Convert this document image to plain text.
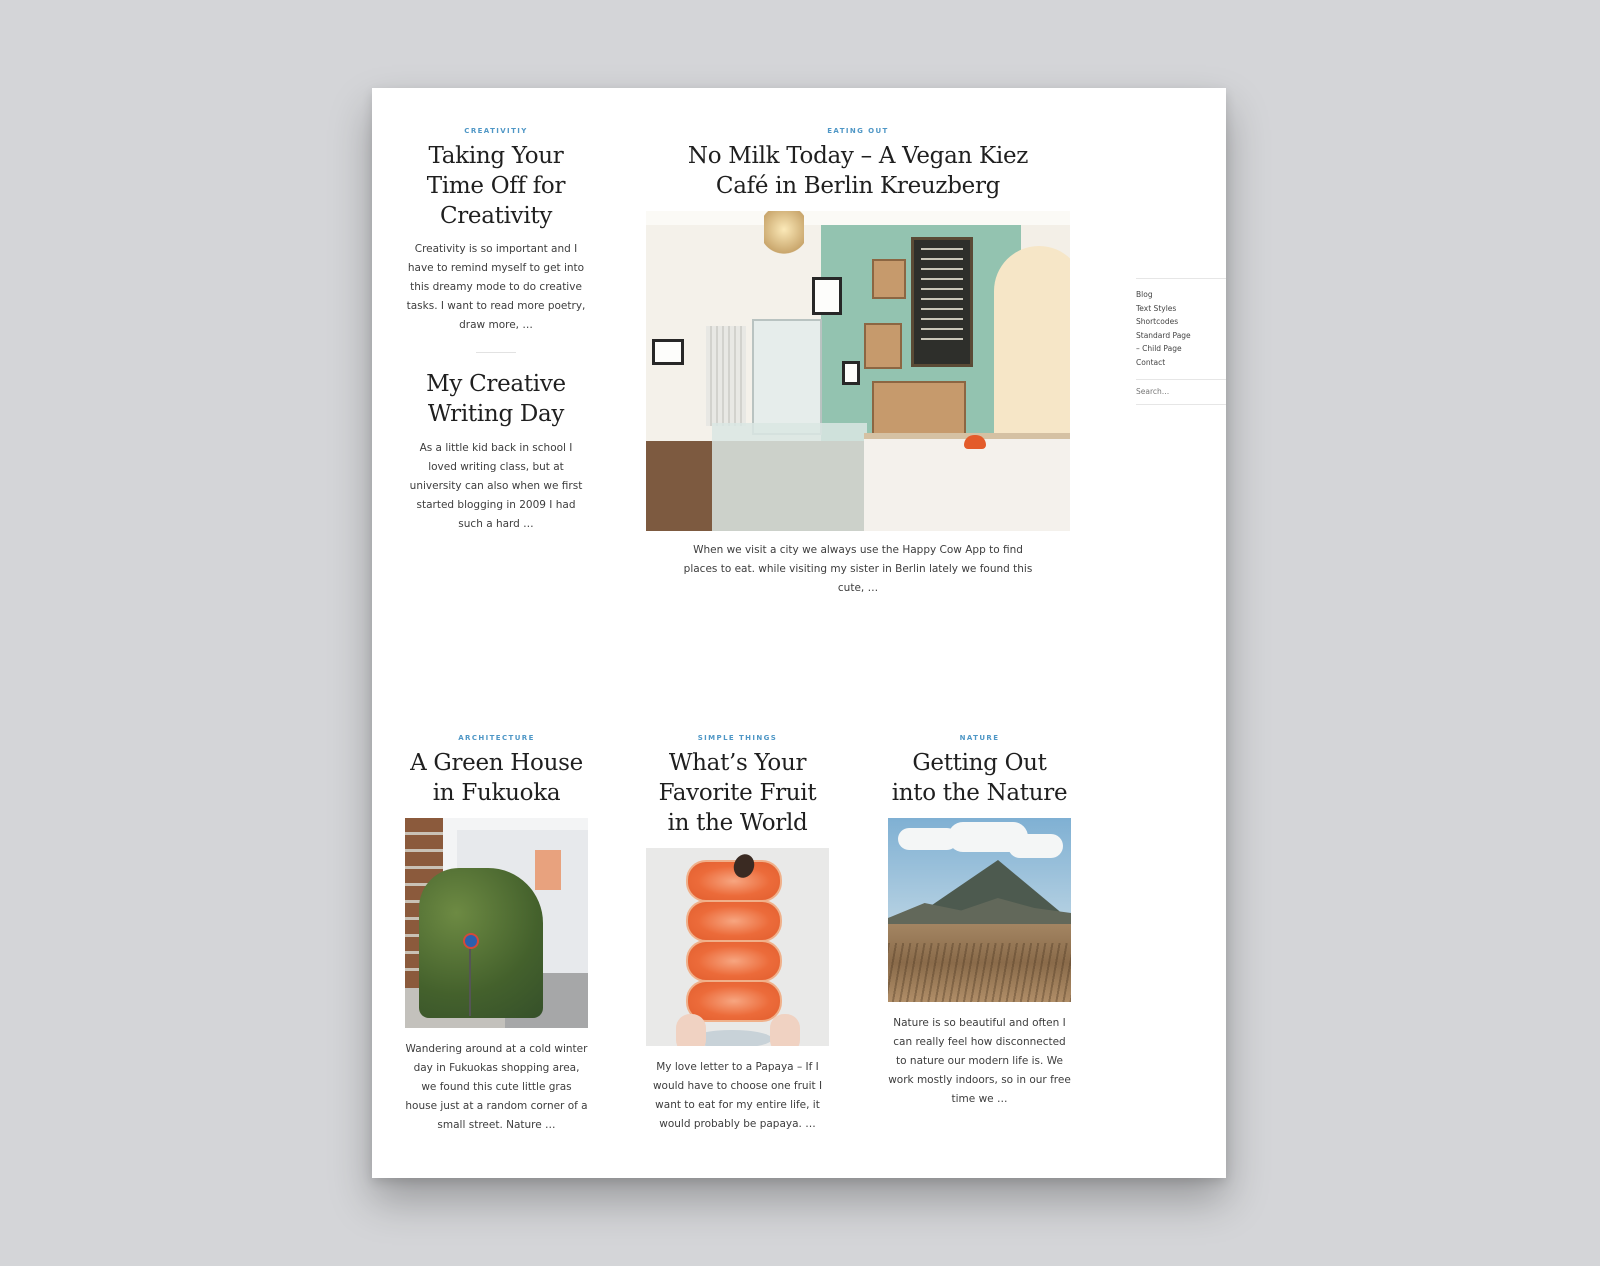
CREATIVITIY
Taking Your Time Off for Creativity

Creativity is so important and I have to remind myself to get into this dreamy mode to do creative tasks. I want to read more poetry, draw more, …

My Creative Writing Day

As a little kid back in school I loved writing class, but at university can also when we first started blogging in 2009 I had such a hard …

EATING OUT
No Milk Today – A Vegan Kiez Café in Berlin Kreuzberg

When we visit a city we always use the Happy Cow App to find places to eat. while visiting my sister in Berlin lately we found this cute, …

ARCHITECTURE
A Green House in Fukuoka

Wandering around at a cold winter day in Fukuokas shopping area, we found this cute little gras house just at a random corner of a small street. Nature …

SIMPLE THINGS
What’s Your Favorite Fruit in the World

My love letter to a Papaya – If I would have to choose one fruit I want to eat for my entire life, it would probably be papaya. …

NATURE
Getting Out into the Nature

Nature is so beautiful and often I can really feel how disconnected to nature our modern life is. We work mostly indoors, so in our free time we …

Blog
Text Styles
Shortcodes
Standard Page
– Child Page
Contact
Search…
